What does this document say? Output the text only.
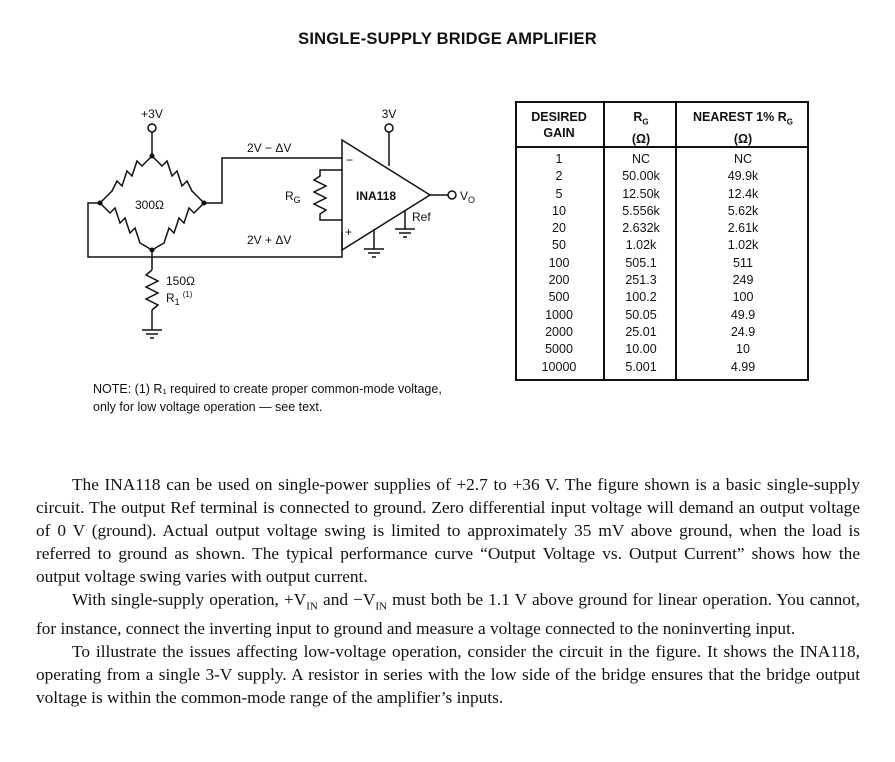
SINGLE-SUPPLY BRIDGE AMPLIFIER
+3V	3V
300Ω
2V − ΔV
2V + ΔV
−
+
$R_G$	INA118
Ref
$V_O$
150Ω
$R_1^{(1)}$
NOTE: (1) R₁ required to create proper common-mode voltage,
only for low voltage operation — see text.
DESIRED
GAIN
1
2
5
10
20
50
100
200
500
1000
2000
5000
10000
$R_G$
(Ω)
NC
50.00k
12.50k
5.556k
2.632k
1.02k
505.1
251.3
100.2
50.05
25.01
10.00
5.001
NEAREST 1% $R_G$
(Ω)
NC
49.9k
12.4k
5.62k
2.61k
1.02k
511
249
100
49.9
24.9
10
4.99

The INA118 can be used on single-power supplies of +2.7 to +36 V. The figure shown is a basic single-supply circuit. The output Ref terminal is connected to ground. Zero differential input voltage will demand an output voltage of 0 V (ground). Actual output voltage swing is limited to approximately 35 mV above ground, when the load is referred to ground as shown. The typical performance curve “Output Voltage vs. Output Current” shows how the output voltage swing varies with output current.

With single-supply operation, $+V_{IN}$ and $-V_{IN}$ must both be 1.1 V above ground for linear operation. You cannot, for instance, connect the inverting input to ground and measure a voltage connected to the noninverting input.

To illustrate the issues affecting low-voltage operation, consider the circuit in the figure. It shows the INA118, operating from a single 3-V supply. A resistor in series with the low side of the bridge ensures that the bridge output voltage is within the common-mode range of the amplifier’s inputs.
